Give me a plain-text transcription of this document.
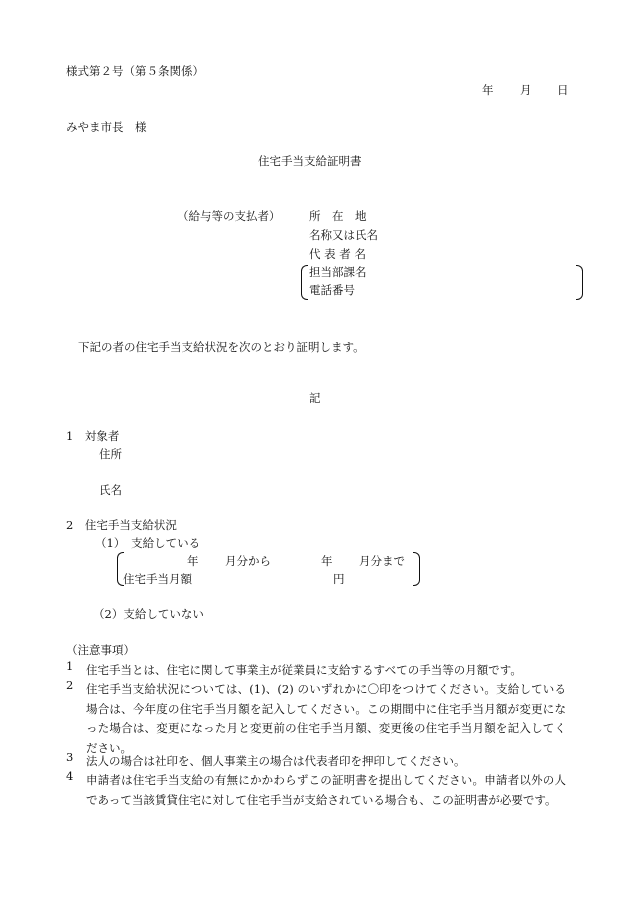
様式第２号（第５条関係）
年 月 日
みやま市長　様
住宅手当支給証明書
（給与等の支払者） 所　在　地
名称又は氏名
代 表 者 名
担当部課名
電話番号
下記の者の住宅手当支給状況を次のとおり証明します。
記
1　対象者
住所
氏名
2　住宅手当支給状況
（1）　支給している
年 月分から	年 月分まで
住宅手当月額	円
（2）支給していない
（注意事項）
1 住宅手当とは、住宅に関して事業主が従業員に支給するすべての手当等の月額です。
2 住宅手当支給状況については、(1)、(2) のいずれかに〇印をつけてください。支給している場合は、今年度の住宅手当月額を記入してください。この期間中に住宅手当月額が変更になった場合は、変更になった月と変更前の住宅手当月額、変更後の住宅手当月額を記入してください。
3 法人の場合は社印を、個人事業主の場合は代表者印を押印してください。
4 申請者は住宅手当支給の有無にかかわらずこの証明書を提出してください。申請者以外の人であって当該賃貸住宅に対して住宅手当が支給されている場合も、この証明書が必要です。
